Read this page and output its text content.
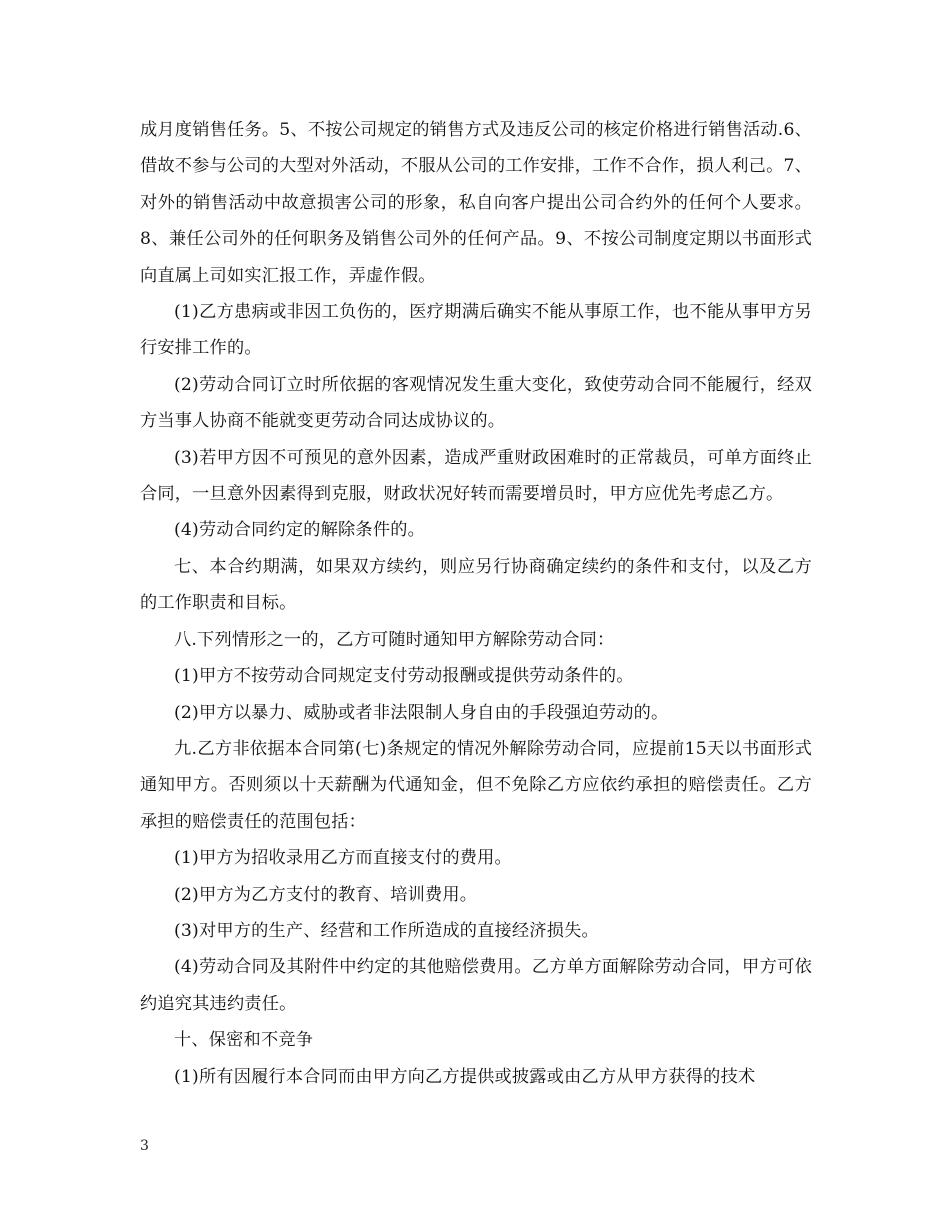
成月度销售任务。5、不按公司规定的销售方式及违反公司的核定价格进行销售活动.6、借故不参与公司的大型对外活动，不服从公司的工作安排，工作不合作，损人利己。7、对外的销售活动中故意损害公司的形象，私自向客户提出公司合约外的任何个人要求。8、兼任公司外的任何职务及销售公司外的任何产品。9、不按公司制度定期以书面形式向直属上司如实汇报工作，弄虚作假。

(1)乙方患病或非因工负伤的，医疗期满后确实不能从事原工作，也不能从事甲方另行安排工作的。

(2)劳动合同订立时所依据的客观情况发生重大变化，致使劳动合同不能履行，经双方当事人协商不能就变更劳动合同达成协议的。

(3)若甲方因不可预见的意外因素，造成严重财政困难时的正常裁员，可单方面终止合同，一旦意外因素得到克服，财政状况好转而需要增员时，甲方应优先考虑乙方。

(4)劳动合同约定的解除条件的。

七、本合约期满，如果双方续约，则应另行协商确定续约的条件和支付，以及乙方的工作职责和目标。

八.下列情形之一的，乙方可随时通知甲方解除劳动合同：

(1)甲方不按劳动合同规定支付劳动报酬或提供劳动条件的。

(2)甲方以暴力、威胁或者非法限制人身自由的手段强迫劳动的。

九.乙方非依据本合同第(七)条规定的情况外解除劳动合同，应提前15天以书面形式通知甲方。否则须以十天薪酬为代通知金，但不免除乙方应依约承担的赔偿责任。乙方承担的赔偿责任的范围包括：

(1)甲方为招收录用乙方而直接支付的费用。

(2)甲方为乙方支付的教育、培训费用。

(3)对甲方的生产、经营和工作所造成的直接经济损失。

(4)劳动合同及其附件中约定的其他赔偿费用。乙方单方面解除劳动合同，甲方可依约追究其违约责任。

十、保密和不竞争

(1)所有因履行本合同而由甲方向乙方提供或披露或由乙方从甲方获得的技术

3
